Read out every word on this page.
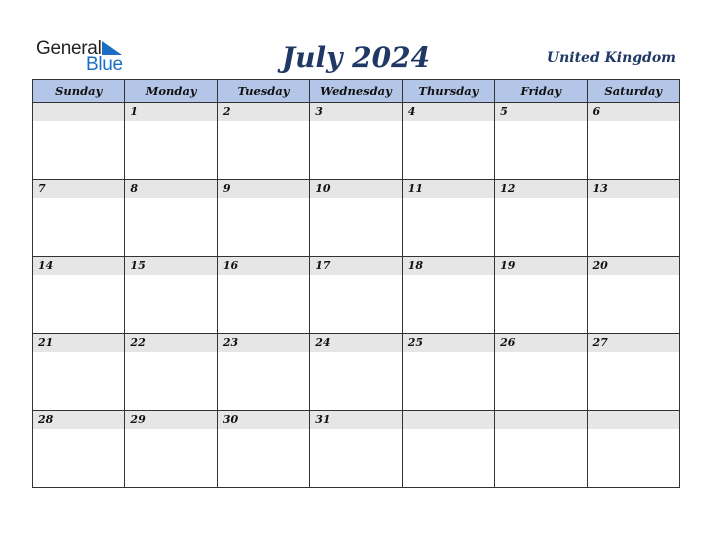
General
Blue	July 2024	United Kingdom
Sunday	Monday	Tuesday	Wednesday	Thursday	Friday	Saturday

	1	2	3	4	5	6

7	8	9	10	11	12	13

14	15	16	17	18	19	20

21	22	23	24	25	26	27

28	29	30	31			
